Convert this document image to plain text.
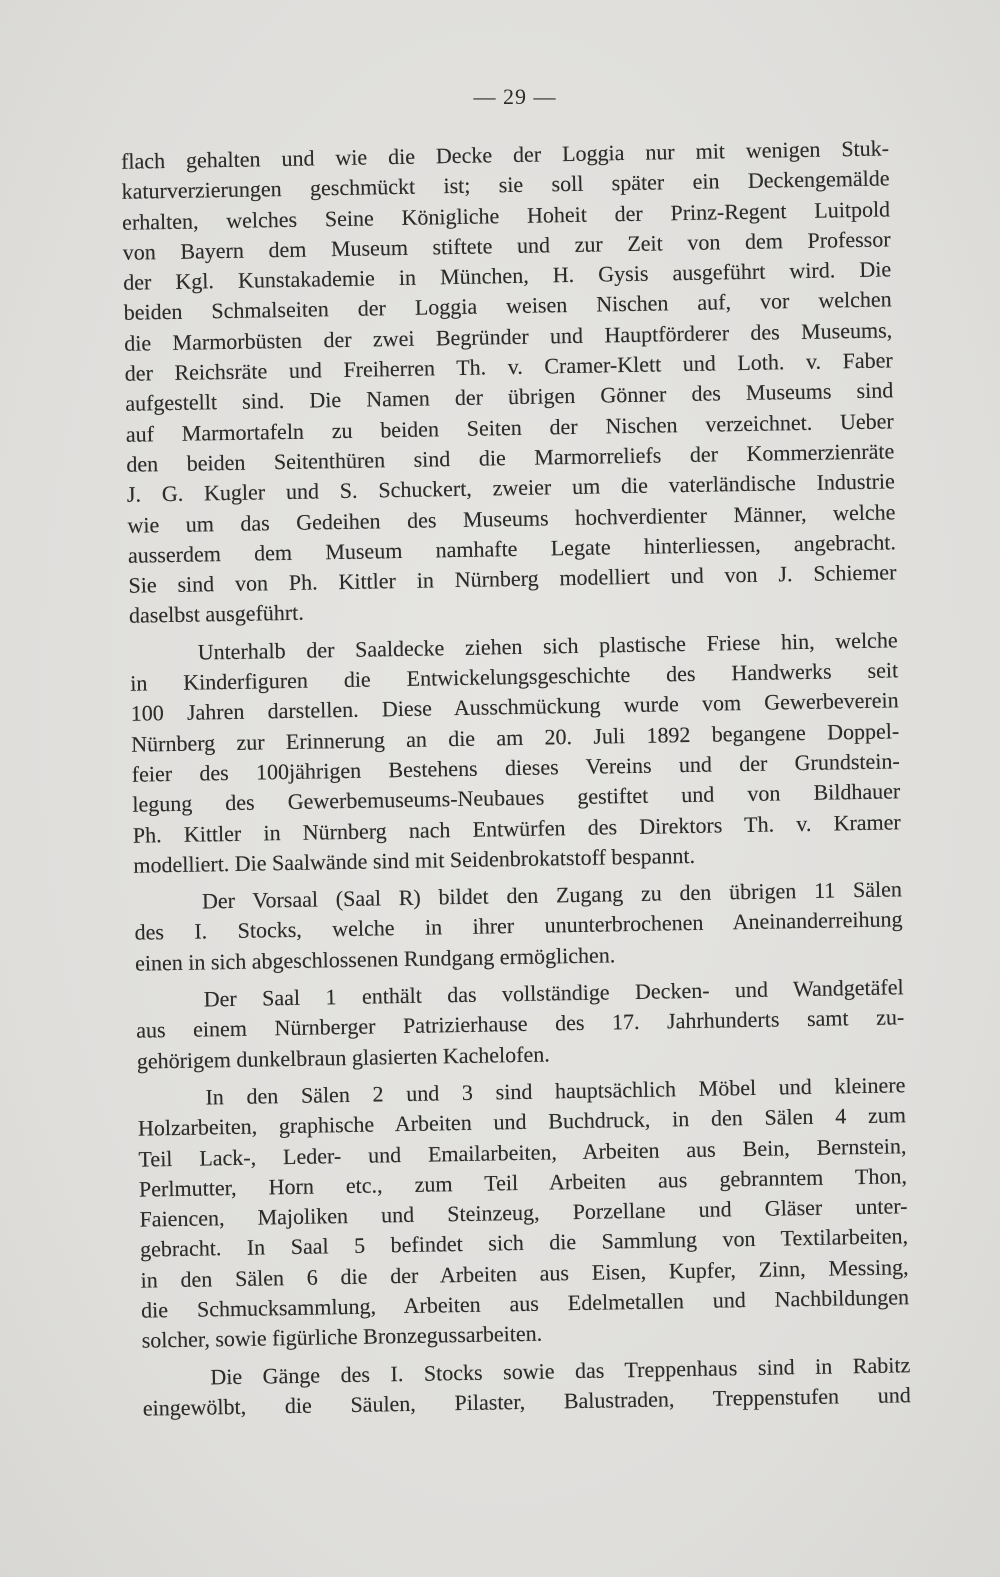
— 29 —
flach gehalten und wie die Decke der Loggia nur mit wenigen Stuk-
katurverzierungen geschmückt ist; sie soll später ein Deckengemälde
erhalten, welches Seine Königliche Hoheit der Prinz-Regent Luitpold
von Bayern dem Museum stiftete und zur Zeit von dem Professor
der Kgl. Kunstakademie in München, H. Gysis ausgeführt wird. Die
beiden Schmalseiten der Loggia weisen Nischen auf, vor welchen
die Marmorbüsten der zwei Begründer und Hauptförderer des Museums,
der Reichsräte und Freiherren Th. v. Cramer-Klett und Loth. v. Faber
aufgestellt sind. Die Namen der übrigen Gönner des Museums sind
auf Marmortafeln zu beiden Seiten der Nischen verzeichnet. Ueber
den beiden Seitenthüren sind die Marmorreliefs der Kommerzienräte
J. G. Kugler und S. Schuckert, zweier um die vaterländische Industrie
wie um das Gedeihen des Museums hochverdienter Männer, welche
ausserdem dem Museum namhafte Legate hinterliessen, angebracht.
Sie sind von Ph. Kittler in Nürnberg modelliert und von J. Schiemer
daselbst ausgeführt.
Unterhalb der Saaldecke ziehen sich plastische Friese hin, welche
in Kinderfiguren die Entwickelungsgeschichte des Handwerks seit
100 Jahren darstellen. Diese Ausschmückung wurde vom Gewerbeverein
Nürnberg zur Erinnerung an die am 20. Juli 1892 begangene Doppel-
feier des 100jährigen Bestehens dieses Vereins und der Grundstein-
legung des Gewerbemuseums-Neubaues gestiftet und von Bildhauer
Ph. Kittler in Nürnberg nach Entwürfen des Direktors Th. v. Kramer
modelliert. Die Saalwände sind mit Seidenbrokatstoff bespannt.
Der Vorsaal (Saal R) bildet den Zugang zu den übrigen 11 Sälen
des I. Stocks, welche in ihrer ununterbrochenen Aneinanderreihung
einen in sich abgeschlossenen Rundgang ermöglichen.
Der Saal 1 enthält das vollständige Decken- und Wandgetäfel
aus einem Nürnberger Patrizierhause des 17. Jahrhunderts samt zu-
gehörigem dunkelbraun glasierten Kachelofen.
In den Sälen 2 und 3 sind hauptsächlich Möbel und kleinere
Holzarbeiten, graphische Arbeiten und Buchdruck, in den Sälen 4 zum
Teil Lack-, Leder- und Emailarbeiten, Arbeiten aus Bein, Bernstein,
Perlmutter, Horn etc., zum Teil Arbeiten aus gebranntem Thon,
Faiencen, Majoliken und Steinzeug, Porzellane und Gläser unter-
gebracht. In Saal 5 befindet sich die Sammlung von Textilarbeiten,
in den Sälen 6 die der Arbeiten aus Eisen, Kupfer, Zinn, Messing,
die Schmucksammlung, Arbeiten aus Edelmetallen und Nachbildungen
solcher, sowie figürliche Bronzegussarbeiten.
Die Gänge des I. Stocks sowie das Treppenhaus sind in Rabitz
eingewölbt, die Säulen, Pilaster, Balustraden, Treppenstufen und
